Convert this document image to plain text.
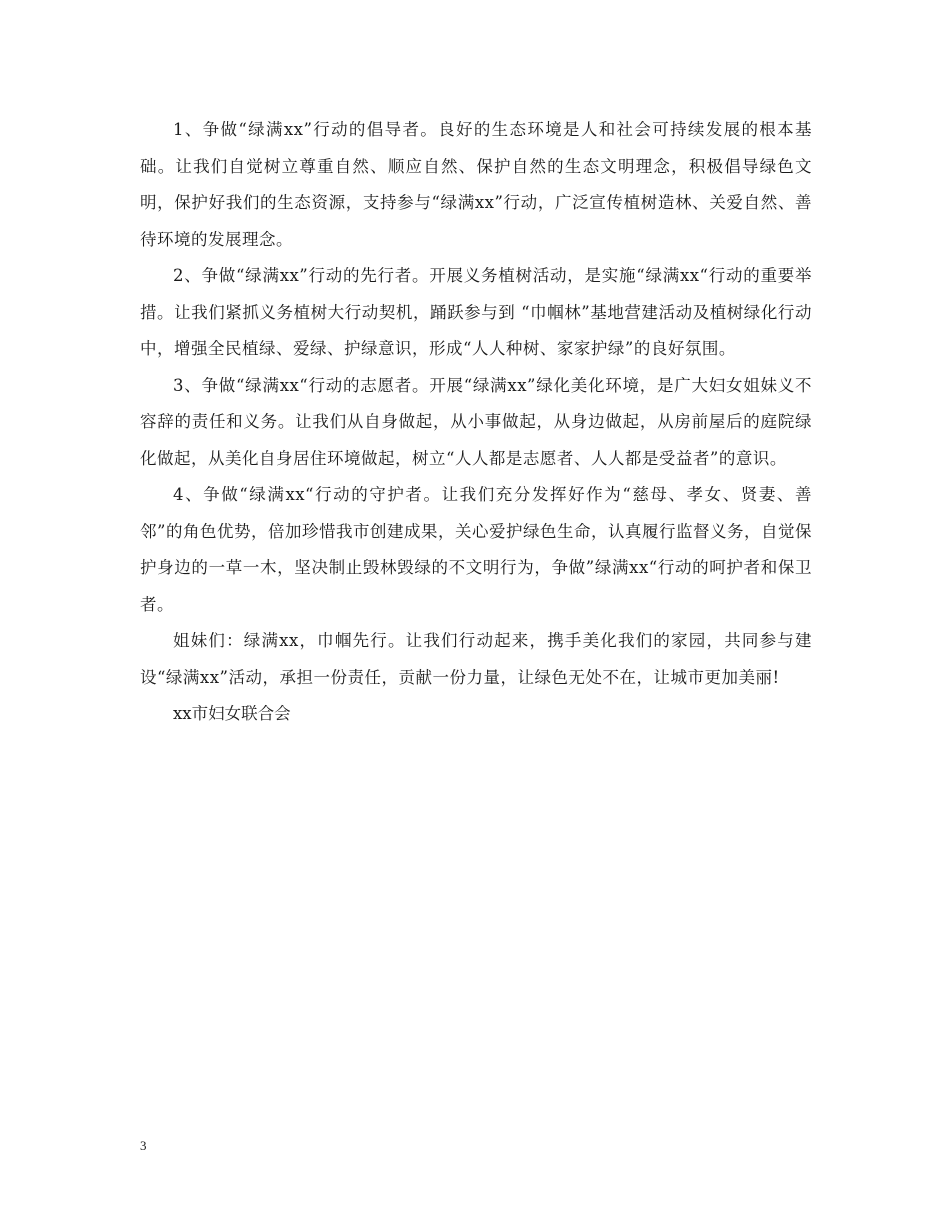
1、争做“绿满xx”行动的倡导者。良好的生态环境是人和社会可持续发展的根本基础。让我们自觉树立尊重自然、顺应自然、保护自然的生态文明理念，积极倡导绿色文明，保护好我们的生态资源，支持参与“绿满xx”行动，广泛宣传植树造林、关爱自然、善待环境的发展理念。

2、争做“绿满xx”行动的先行者。开展义务植树活动，是实施“绿满xx“行动的重要举措。让我们紧抓义务植树大行动契机，踊跃参与到 “巾帼林”基地营建活动及植树绿化行动中，增强全民植绿、爱绿、护绿意识，形成“人人种树、家家护绿”的良好氛围。

3、争做“绿满xx“行动的志愿者。开展“绿满xx”绿化美化环境，是广大妇女姐妹义不容辞的责任和义务。让我们从自身做起，从小事做起，从身边做起，从房前屋后的庭院绿化做起，从美化自身居住环境做起，树立“人人都是志愿者、人人都是受益者”的意识。

4、争做“绿满xx“行动的守护者。让我们充分发挥好作为“慈母、孝女、贤妻、善邻”的角色优势，倍加珍惜我市创建成果，关心爱护绿色生命，认真履行监督义务，自觉保护身边的一草一木，坚决制止毁林毁绿的不文明行为，争做”绿满xx“行动的呵护者和保卫者。

姐妹们：绿满xx，巾帼先行。让我们行动起来，携手美化我们的家园，共同参与建设“绿满xx”活动，承担一份责任，贡献一份力量，让绿色无处不在，让城市更加美丽!

xx市妇女联合会

3
